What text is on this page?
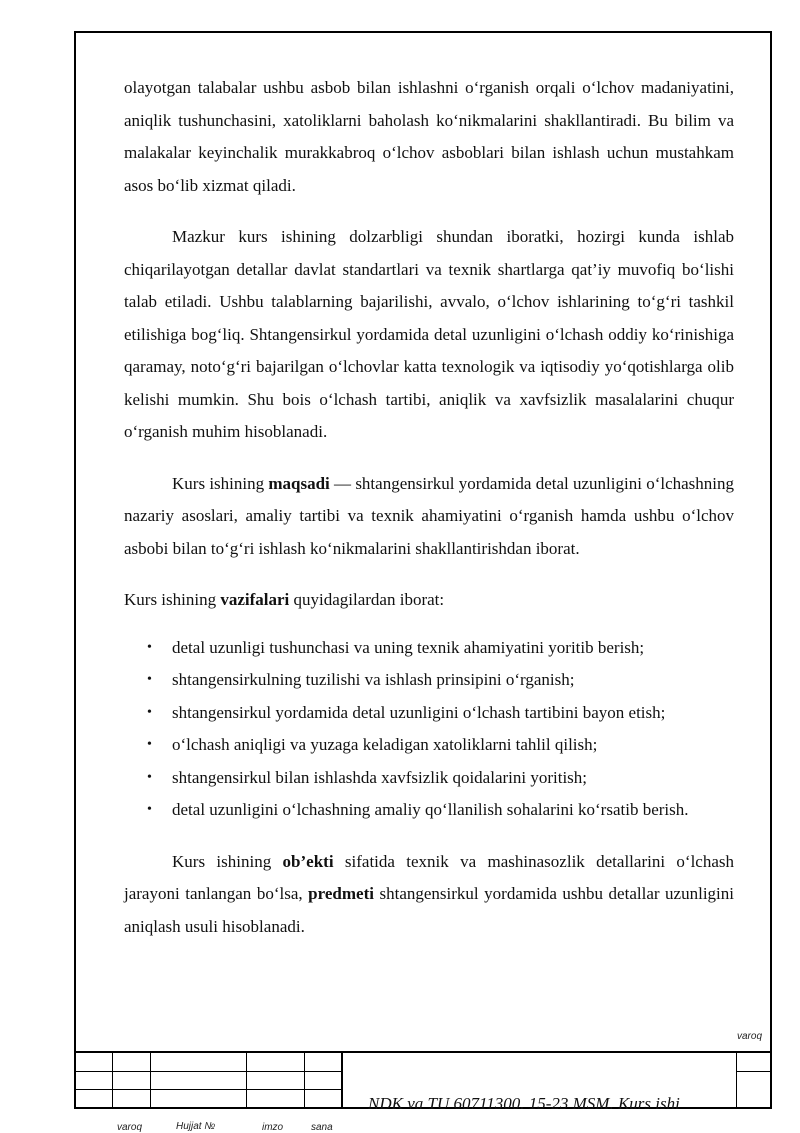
olayotgan talabalar ushbu asbob bilan ishlashni o‘rganish orqali o‘lchov madaniyatini, aniqlik tushunchasini, xatoliklarni baholash ko‘nikmalarini shakllantiradi. Bu bilim va malakalar keyinchalik murakkabroq o‘lchov asboblari bilan ishlash uchun mustahkam asos bo‘lib xizmat qiladi.

Mazkur kurs ishining dolzarbligi shundan iboratki, hozirgi kunda ishlab chiqarilayotgan detallar davlat standartlari va texnik shartlarga qat’iy muvofiq bo‘lishi talab etiladi. Ushbu talablarning bajarilishi, avvalo, o‘lchov ishlarining to‘g‘ri tashkil etilishiga bog‘liq. Shtangensirkul yordamida detal uzunligini o‘lchash oddiy ko‘rinishiga qaramay, noto‘g‘ri bajarilgan o‘lchovlar katta texnologik va iqtisodiy yo‘qotishlarga olib kelishi mumkin. Shu bois o‘lchash tartibi, aniqlik va xavfsizlik masalalarini chuqur o‘rganish muhim hisoblanadi.

Kurs ishining maqsadi — shtangensirkul yordamida detal uzunligini o‘lchashning nazariy asoslari, amaliy tartibi va texnik ahamiyatini o‘rganish hamda ushbu o‘lchov asbobi bilan to‘g‘ri ishlash ko‘nikmalarini shakllantirishdan iborat.

Kurs ishining vazifalari quyidagilardan iborat:

• detal uzunligi tushunchasi va uning texnik ahamiyatini yoritib berish;
• shtangensirkulning tuzilishi va ishlash prinsipini o‘rganish;
• shtangensirkul yordamida detal uzunligini o‘lchash tartibini bayon etish;
• o‘lchash aniqligi va yuzaga keladigan xatoliklarni tahlil qilish;
• shtangensirkul bilan ishlashda xavfsizlik qoidalarini yoritish;
• detal uzunligini o‘lchashning amaliy qo‘llanilish sohalarini ko‘rsatib berish.

Kurs ishining ob’ekti sifatida texnik va mashinasozlik detallarini o‘lchash jarayoni tanlangan bo‘lsa, predmeti shtangensirkul yordamida ushbu detallar uzunligini aniqlash usuli hisoblanadi.

varoq
NDK va TU 60711300. 15-23 MSM. Kurs ishi
varoq	Hujjat №	imzo	sana
